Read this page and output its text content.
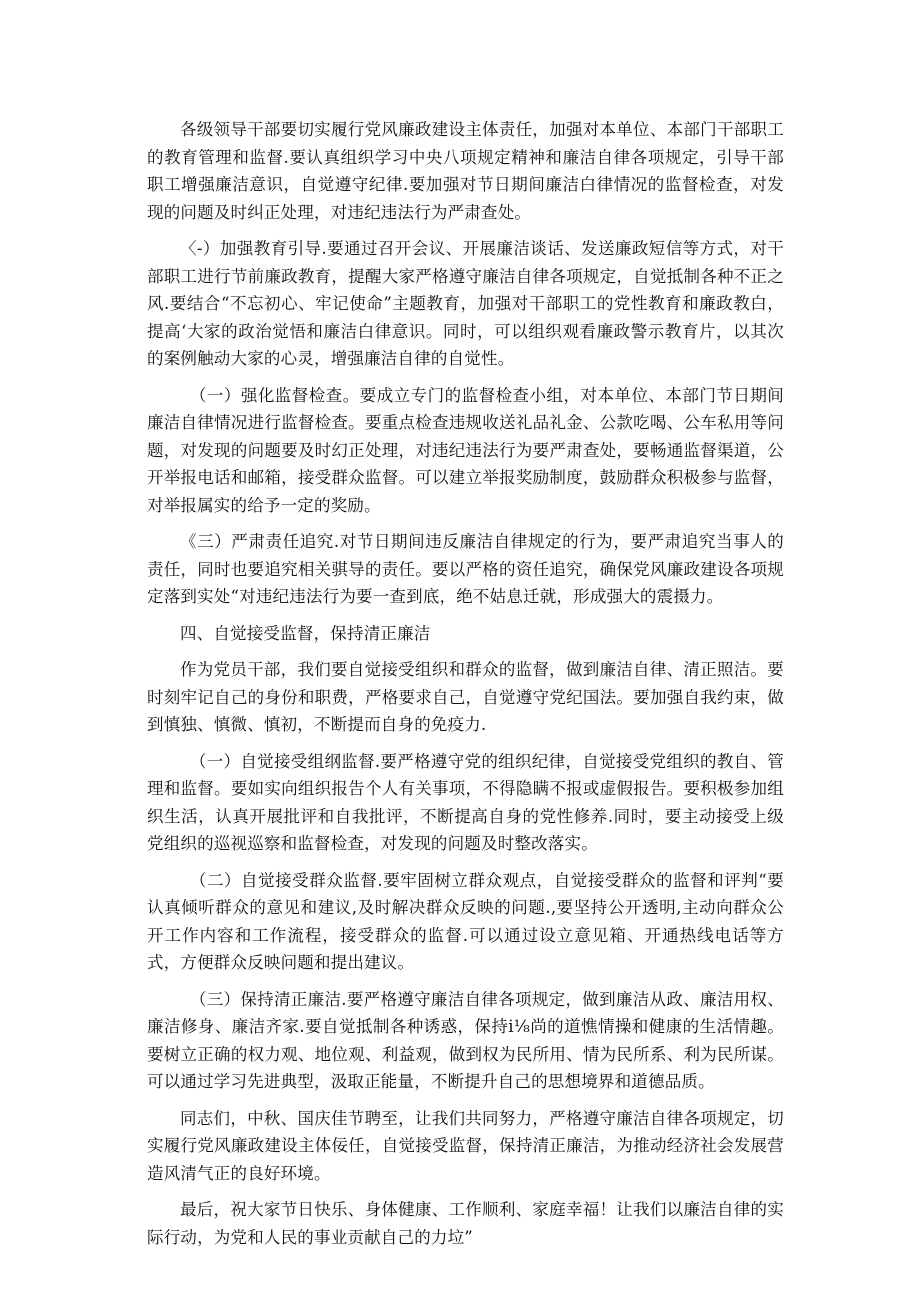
各级领导干部要切实履行党风廉政建设主体责任，加强对本单位、本部门干部职工的教育管理和监督.要认真组织学习中央八项规定精神和廉洁自律各项规定，引导干部职工增强廉洁意识，自觉遵守纪律.要加强对节日期间廉洁白律情况的监督检查，对发现的问题及时纠正处理，对违纪违法行为严肃查处。

〈-）加强教育引导.要通过召开会议、开展廉洁谈话、发送廉政短信等方式，对干部职工进行节前廉政教育，提醒大家严格遵守廉洁自律各项规定，自觉抵制各种不正之风.要结合“不忘初心、牢记使命”主题教育，加强对干部职工的党性教育和廉政教白，提高‘大家的政治觉悟和廉洁白律意识。同时，可以组织观看廉政警示教育片，以其次的案例触动大家的心灵，增强廉洁自律的自觉性。

（一）强化监督检查。要成立专门的监督检查小组，对本单位、本部门节日期间廉洁自律情况进行监督检查。要重点检查违规收送礼品礼金、公款吃喝、公车私用等问题，对发现的问题要及时幻正处理，对违纪违法行为要严肃查处，要畅通监督渠道，公开举报电话和邮箱，接受群众监督。可以建立举报奖励制度，鼓励群众积极参与监督，对举报属实的给予一定的奖励。

《三）严肃责任追究.对节日期间违反廉洁自律规定的行为，要严肃追究当事人的责任，同时也要追究相关骐导的责任。要以严格的资任追究，确保党风廉政建设各项规定落到实处“对违纪违法行为要一查到底，绝不姑息迁就，形成强大的震摄力。

四、自觉接受监督，保持清正廉洁

作为党员干部，我们要自觉接受组织和群众的监督，做到廉洁自律、清正照洁。要时刻牢记自己的身份和职费，严格要求自己，自觉遵守党纪国法。要加强自我约束，做到慎独、慎微、慎初，不断提而自身的免疫力.

（一）自觉接受组纲监督.要严格遵守党的组织纪律，自觉接受党组织的教自、管理和监督。要如实向组织报告个人有关事项，不得隐瞒不报或虚假报告。要积极参加组织生活，认真开展批评和自我批评，不断提高自身的党性修养.同时，要主动接受上级党组织的巡视巡察和监督检查，对发现的问题及时整改落实。

（二）自觉接受群众监督.要牢固树立群众观点，自觉接受群众的监督和评判“要认真倾听群众的意见和建议,及时解决群众反映的问题.,要坚持公开透明,主动向群众公开工作内容和工作流程，接受群众的监督.可以通过设立意见箱、开通热线电话等方式，方便群众反映问题和提出建议。

（三）保持清正廉洁.要严格遵守廉洁自律各项规定，做到廉洁从政、廉洁用权、廉洁修身、廉洁齐家.要自觉抵制各种诱惑，保持i⅛尚的道憔情操和健康的生活情趣。要树立正确的权力观、地位观、利益观，做到权为民所用、情为民所系、利为民所谋。可以通过学习先进典型，汲取正能量，不断提升自己的思想境界和道德品质。

同志们，中秋、国庆佳节聘至，让我们共同努力，严格遵守廉洁自律各项规定，切实履行党风廉政建设主体佞任，自觉接受监督，保持清正廉洁，为推动经济社会发展营造风清气正的良好环境。

最后，祝大家节日快乐、身体健康、工作顺利、家庭幸福！让我们以廉洁自律的实际行动，为党和人民的事业贡献自己的力垃”
